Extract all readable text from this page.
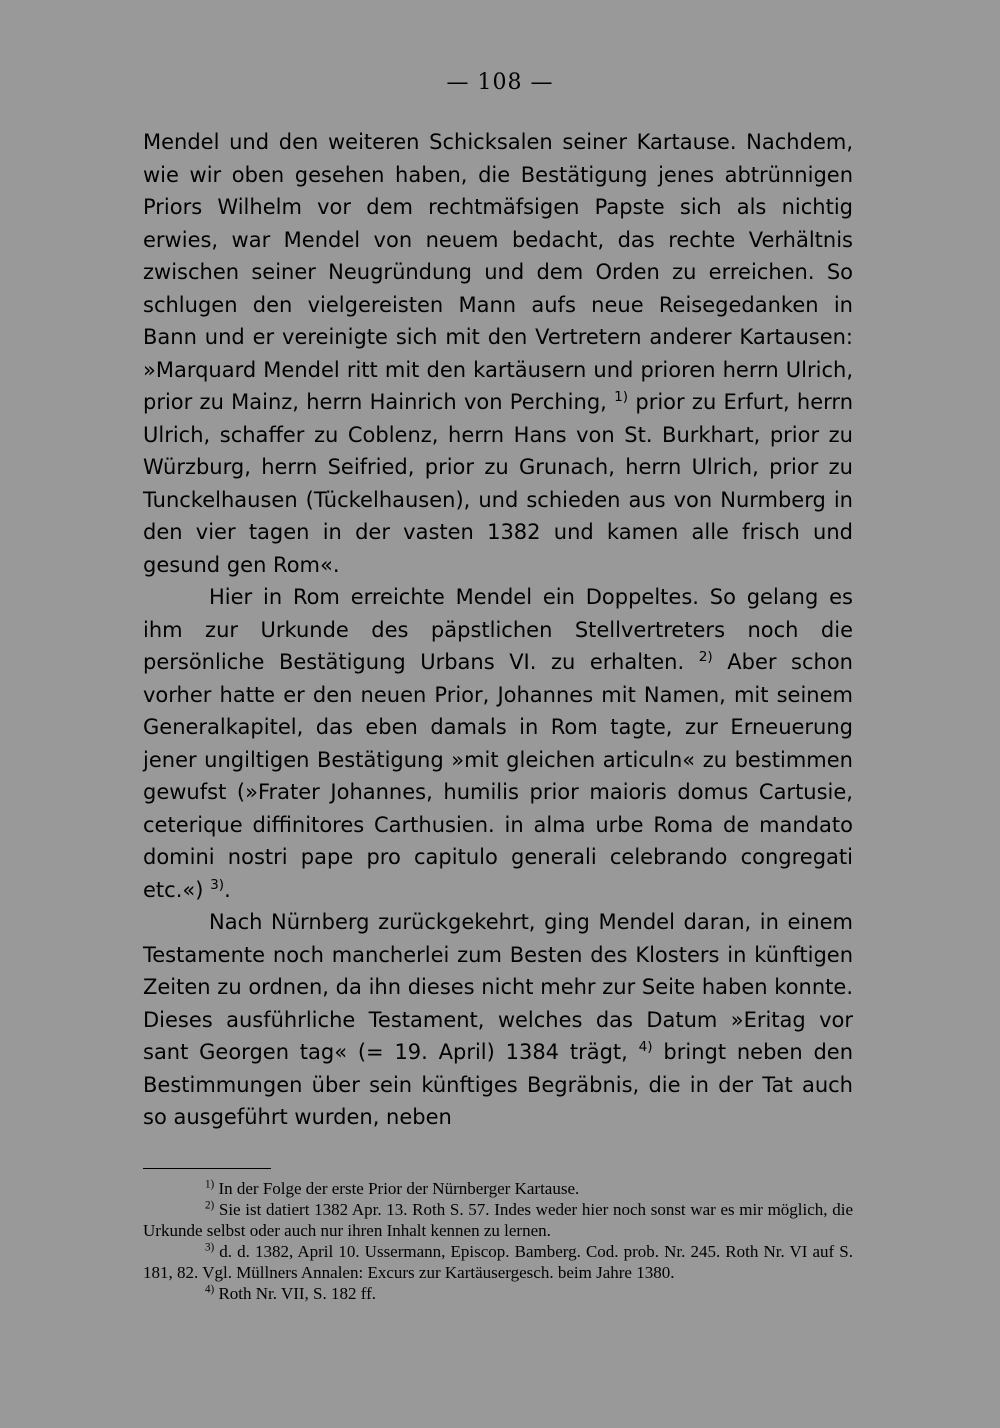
— 108 —

Mendel und den weiteren Schicksalen seiner Kartause. Nachdem, wie wir oben gesehen haben, die Bestätigung jenes abtrünnigen Priors Wilhelm vor dem rechtmäfsigen Papste sich als nichtig erwies, war Mendel von neuem bedacht, das rechte Verhältnis zwischen seiner Neugründung und dem Orden zu erreichen. So schlugen den vielgereisten Mann aufs neue Reisegedanken in Bann und er vereinigte sich mit den Vertretern anderer Kartausen: »Marquard Mendel ritt mit den kartäusern und prioren herrn Ulrich, prior zu Mainz, herrn Hainrich von Perching, $^{1)}$ prior zu Erfurt, herrn Ulrich, schaffer zu Coblenz, herrn Hans von St. Burkhart, prior zu Würzburg, herrn Seifried, prior zu Grunach, herrn Ulrich, prior zu Tunckelhausen (Tückelhausen), und schieden aus von Nurmberg in den vier tagen in der vasten 1382 und kamen alle frisch und gesund gen Rom«.

Hier in Rom erreichte Mendel ein Doppeltes. So gelang es ihm zur Urkunde des päpstlichen Stellvertreters noch die persönliche Bestätigung Urbans VI. zu erhalten. $^{2)}$ Aber schon vorher hatte er den neuen Prior, Johannes mit Namen, mit seinem Generalkapitel, das eben damals in Rom tagte, zur Erneuerung jener ungiltigen Bestätigung »mit gleichen articuln« zu bestimmen gewufst (»Frater Johannes, humilis prior maioris domus Cartusie, ceterique diffinitores Carthusien. in alma urbe Roma de mandato domini nostri pape pro capitulo generali celebrando congregati etc.«) $^{3)}$.

Nach Nürnberg zurückgekehrt, ging Mendel daran, in einem Testamente noch mancherlei zum Besten des Klosters in künftigen Zeiten zu ordnen, da ihn dieses nicht mehr zur Seite haben konnte. Dieses ausführliche Testament, welches das Datum »Eritag vor sant Georgen tag« (= 19. April) 1384 trägt, $^{4)}$ bringt neben den Bestimmungen über sein künftiges Begräbnis, die in der Tat auch so ausgeführt wurden, neben

$^{1)}$ In der Folge der erste Prior der Nürnberger Kartause.

$^{2)}$ Sie ist datiert 1382 Apr. 13. Roth S. 57. Indes weder hier noch sonst war es mir möglich, die Urkunde selbst oder auch nur ihren Inhalt kennen zu lernen.

$^{3)}$ d. d. 1382, April 10. Ussermann, Episcop. Bamberg. Cod. prob. Nr. 245. Roth Nr. VI auf S. 181, 82. Vgl. Müllners Annalen: Excurs zur Kartäusergesch. beim Jahre 1380.

$^{4)}$ Roth Nr. VII, S. 182 ff.
